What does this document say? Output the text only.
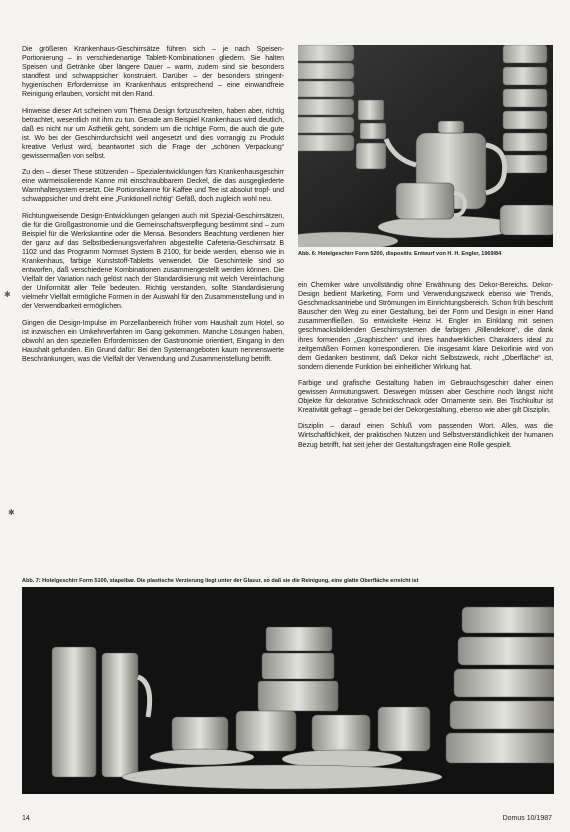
Die größeren Krankenhaus-Geschirrsätze führen sich – je nach Speisen-Portionierung – in verschiedenartige Tablett-Kombinationen gliedern. Sie halten Speisen und Getränke über längere Dauer – warm, zudem sind sie besonders standfest und schwappsicher konstruiert. Darüber – der besonders stringent-hygienischen Erfordernisse im Krankenhaus entsprechend – eine einwandfreie Reinigung erlauben, vorsicht mit den Rand.

Hinweise dieser Art scheinen vom Thema Design fortzuschreiten, haben aber, richtig betrachtet, wesentlich mit ihm zu tun. Gerade am Beispiel Krankenhaus wird deutlich, daß es nicht nur um Ästhetik geht, sondern um die richtige Form, die auch die gute ist. Wo bei der Geschirrdurchsicht weil angesetzt und dies vorrangig zu Produkt kreative Verlust wird, beantwortet sich die Frage der „schönen Verpackung“ gewissermaßen von selbst.

Zu den – dieser These stützenden – Spezialentwicklungen fürs Krankenhausgeschirr eine wärmeisolierende Kanne mit einschraubbarem Deckel, die das ausgegliederte Warmhaltesystem ersetzt. Die Portionskanne für Kaffee und Tee ist absolut tropf- und schwappsicher und dreht eine „Funktionell richtig“ Gefäß, doch zugleich wohl neu.

Richtungweisende Design-Entwicklungen gelangen auch mit Spezial-Geschirrsätzen, die für die Großgastronomie und die Gemeinschaftsverpflegung bestimmt sind – zum Beispiel für die Werkskantine oder die Mensa. Besonders Beachtung verdienen hier der ganz auf das Selbstbedienungsverfahren abgestellte Cafeteria-Geschirrsatz B 1102 und das Programm Normset System B 2100, für beide werden, ebenso wie in Krankenhaus, farbige Kunststoff-Tabletts verwendet. Die Geschirrteile sind so entworfen, daß verschiedene Kombinationen zusammengestellt werden können. Die Vielfalt der Variation nach gelöst nach der Standardisierung mit welch Vereinfachung der Uniformität aller Teile bedeuten. Richtig verstanden, sollte Standardisierung vielmehr Vielfalt ermögliche Formen in der Auswahl für den Zusammenstellung und in der Verwendbarkeit ermöglichen.

Gingen die Design-Impulse im Porzellanbereich früher vom Haushalt zum Hotel, so ist inzwischen ein Umkehrverfahren im Gang gekommen. Manche Lösungen haben, obwohl an den speziellen Erfordernissen der Gastronomie orientiert, Eingang in den Haushalt gefunden. Ein Grund dafür: Bei den Systemangeboten kaum nennenswerte Beschränkungen, was die Vielfalt der Verwendung und Zusammenstellung betrifft.

✱
✱
Abb. 6: Hotelgeschirr Form 5200, dispositiv. Entwurf von H. H. Engler, 1969/84

ein Chemiker wäre unvollständig ohne Erwähnung des Dekor-Bereichs. Dekor-Design bedient Marketing, Form und Verwendungszweck ebenso wie Trends, Geschmacksantriebe und Strömungen im Einrichtungsbereich. Schon früh beschritt Bauscher den Weg zu einer Gestaltung, bei der Form und Design in einer Hand zusammenfließen. So entwickelte Heinz H. Engler im Einklang mit seinen geschmacksbildenden Geschirrsystemen die farbigen „Rillendekore“, die dank ihres formenden „Graphischen“ und ihres handwerklichen Charakters ideal zu zeitgemäßen Formen korrespondieren. Die insgesamt klare Dekorlinie wird von dem Gedanken bestimmt, daß Dekor nicht Selbstzweck, nicht „Oberfläche“ ist, sondern dienende Funktion bei einheitlicher Wirkung hat.

Farbige und grafische Gestaltung haben im Gebrauchsgeschirr daher einen gewissen Anmutungswert. Deswegen müssen aber Geschirre noch längst nicht Objekte für dekorative Schnickschnack oder Ornamente sein. Bei Tischkultur ist Kreativität gefragt – gerade bei der Dekorgestaltung, ebenso wie aber gilt Disziplin.

Disziplin – darauf einen Schluß vom passenden Wort. Alles, was die Wirtschaftlichkeit, der praktischen Nutzen und Selbstverständlichkeit der humanen Bezug betrifft, hat seit jeher der Gestaltungsfragen eine Rolle gespielt.

Abb. 7: Hotelgeschirr Form 5100, stapelbar. Die plastische Verzierung liegt unter der Glasur, so daß sie die Reinigung, eine glatte Oberfläche erreicht ist
14	Domus 10/1987
